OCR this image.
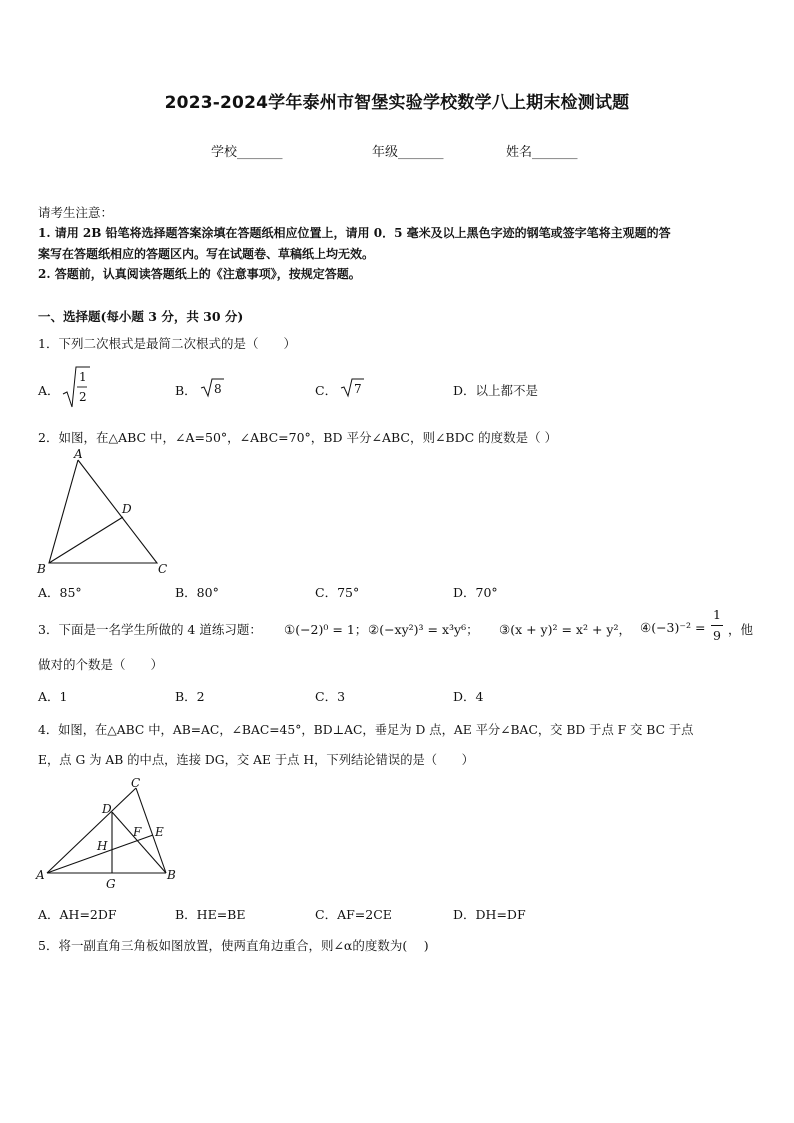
2023-2024学年泰州市智堡实验学校数学八上期末检测试题
学校_______	年级_______	姓名_______
请考生注意：
1. 请用 2B 铅笔将选择题答案涂填在答题纸相应位置上，请用 0．5 毫米及以上黑色字迹的钢笔或签字笔将主观题的答
案写在答题纸相应的答题区内。写在试题卷、草稿纸上均无效。
2. 答题前，认真阅读答题纸上的《注意事项》，按规定答题。
一、选择题(每小题 3 分，共 30 分)
1．下列二次根式是最简二次根式的是（　　）
A．
1
2	B． 8	C． 7	D．以上都不是
2．如图，在△ABC 中，∠A=50°，∠ABC=70°，BD 平分∠ABC，则∠BDC 的度数是（ ）
A
B	C
D
A．85°	B．80°	C．75°	D．70°
3．下面是一名学生所做的 4 道练习题： ①(−2)⁰ = 1； ②(−xy²)³ = x³y⁶； ③(x + y)² = x² + y²， ④(−3)⁻² =
1
9 ，他
做对的个数是（　　）
A．1	B．2	C．3	D．4
4．如图，在△ABC 中，AB=AC，∠BAC=45°，BD⊥AC，垂足为 D 点，AE 平分∠BAC，交 BD 于点 F 交 BC 于点
E，点 G 为 AB 的中点，连接 DG，交 AE 于点 H，下列结论错误的是（　　）
C
D
F E
H
A	B
G
A．AH=2DF	B．HE=BE	C．AF=2CE	D．DH=DF
5．将一副直角三角板如图放置，使两直角边重合，则∠α的度数为(　 )
